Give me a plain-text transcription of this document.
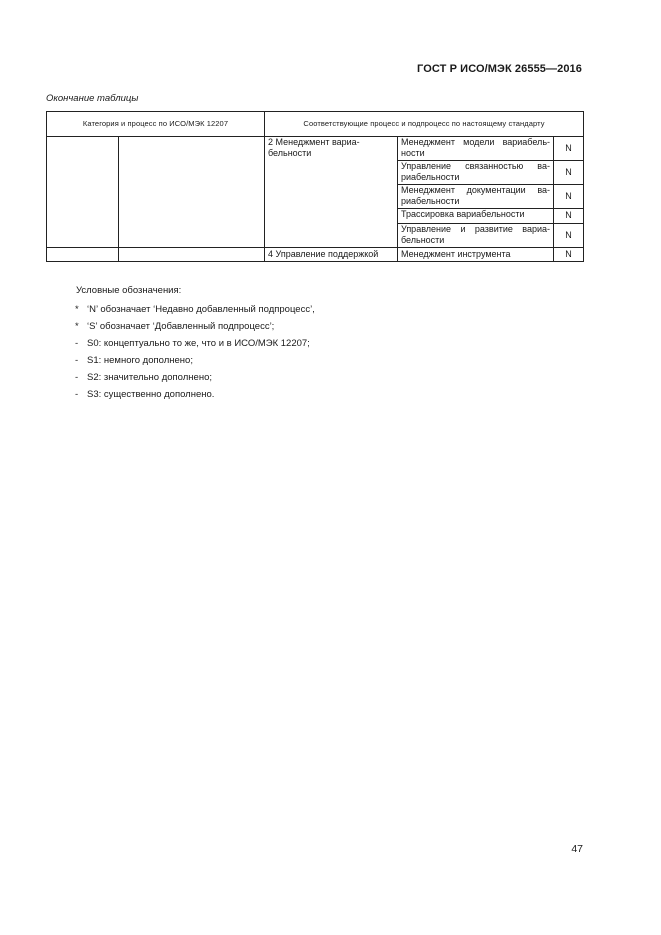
ГОСТ Р ИСО/МЭК 26555—2016
Окончание таблицы
Категория и процесс по ИСО/МЭК 12207		Соответствующие процесс и подпроцесс по настоящему стандарту		
		2 Менеджмент вариа-бельности	Менеджмент модели вариабель-ности	N
			Управление связанностью ва-риабельности	N
			Менеджмент документации ва-риабельности	N
			Трассировка вариабельности	N
			Управление и развитие вариа-бельности	N
		4 Управление поддержкой	Менеджмент инструмента	N
Условные обозначения:
* ‘N’ обозначает ‘Недавно добавленный подпроцесс’,
* ‘S’ обозначает ‘Добавленный подпроцесс’;
- S0: концептуально то же, что и в ИСО/МЭК 12207;
- S1: немного дополнено;
- S2: значительно дополнено;
- S3: существенно дополнено.
47
